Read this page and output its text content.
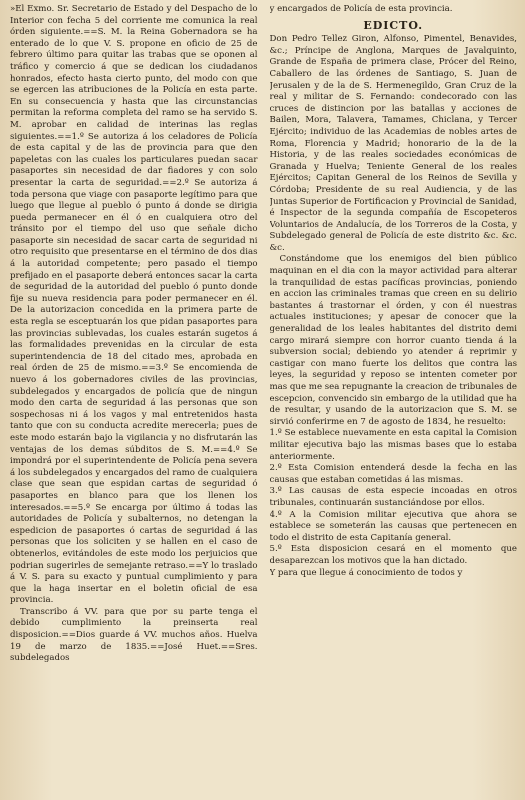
»El Exmo. Sr. Secretario de Estado y del Despacho de lo Interior con fecha 5 del corriente me comunica la real órden siguiente.==S. M. la Reina Gobernadora se ha enterado de lo que V. S. propone en oficio de 25 de febrero último para quitar las trabas que se oponen al tráfico y comercio á que se dedican los ciudadanos honrados, efecto hasta cierto punto, del modo con que se egercen las atribuciones de la Policía en esta parte. En su consecuencia y hasta que las circunstancias permitan la reforma completa del ramo se ha servido S. M. aprobar en calidad de interinas las reglas siguientes.==1.º Se autoriza á los celadores de Policía de esta capital y de las de provincia para que den papeletas con las cuales los particulares puedan sacar pasaportes sin necesidad de dar fiadores y con solo presentar la carta de seguridad.==2.º Se autoriza á toda persona que viage con pasaporte legítimo para que luego que llegue al pueblo ó punto á donde se dirigia pueda permanecer en él ó en cualquiera otro del tránsito por el tiempo del uso que señale dicho pasaporte sin necesidad de sacar carta de seguridad ni otro requisito que presentarse en el término de dos dias á la autoridad competente; pero pasado el tiempo prefijado en el pasaporte deberá entonces sacar la carta de seguridad de la autoridad del pueblo ó punto donde fije su nueva residencia para poder permanecer en él. De la autorizacion concedida en la primera parte de esta regla se esceptuarán los que pidan pasaportes para las provincias sublevadas, los cuales estarán sugetos á las formalidades prevenidas en la circular de esta superintendencia de 18 del citado mes, aprobada en real órden de 25 de mismo.==3.º Se encomienda de nuevo á los gobernadores civiles de las provincias, subdelegados y encargados de policía que de ningun modo den carta de seguridad á las personas que son sospechosas ni á los vagos y mal entretenidos hasta tanto que con su conducta acredite merecerla; pues de este modo estarán bajo la vigilancia y no disfrutarán las ventajas de los demas súbditos de S. M.==4.º Se impondrá por el superintendente de Policía pena severa á los subdelegados y encargados del ramo de cualquiera clase que sean que espidan cartas de seguridad ó pasaportes en blanco para que los llenen los interesados.==5.º Se encarga por último á todas las autoridades de Policía y subalternos, no detengan la espedicion de pasaportes ó cartas de seguridad á las personas que los soliciten y se hallen en el caso de obtenerlos, evitándoles de este modo los perjuicios que podrian sugerirles de semejante retraso.==Y lo traslado á V. S. para su exacto y puntual cumplimiento y para que la haga insertar en el boletin oficial de esa provincia.

Transcribo á VV. para que por su parte tenga el debido cumplimiento la preinserta real disposicion.==Dios guarde á VV. muchos años. Huelva 19 de marzo de 1835.==José Huet.==Sres. subdelegados

y encargados de Policía de esta provincia.

EDICTO.

Don Pedro Tellez Giron, Alfonso, Pimentel, Benavides, &c.; Príncipe de Anglona, Marques de Javalquinto, Grande de España de primera clase, Prócer del Reino, Caballero de las órdenes de Santiago, S. Juan de Jerusalen y de la de S. Hermenegildo, Gran Cruz de la real y militar de S. Fernando: condecorado con las cruces de distincion por las batallas y acciones de Bailen, Mora, Talavera, Tamames, Chiclana, y Tercer Ejército; individuo de las Academias de nobles artes de Roma, Florencia y Madrid; honorario de la de la Historia, y de las reales sociedades económicas de Granada y Huelva; Teniente General de los reales Ejércitos; Capitan General de los Reinos de Sevilla y Córdoba; Presidente de su real Audiencia, y de las Juntas Superior de Fortificacion y Provincial de Sanidad, é Inspector de la segunda compañía de Escopeteros Voluntarios de Andalucía, de los Torreros de la Costa, y Subdelegado general de Policía de este distrito &c. &c. &c.

Constándome que los enemigos del bien público maquinan en el dia con la mayor actividad para alterar la tranquilidad de estas pacíficas provincias, poniendo en accion las criminales tramas que creen en su delirio bastantes á trastornar el órden, y con él nuestras actuales instituciones; y apesar de conocer que la generalidad de los leales habitantes del distrito demi cargo mirará siempre con horror cuanto tienda á la subversion social; debiendo yo atender á reprimir y castigar con mano fuerte los delitos que contra las leyes, la seguridad y reposo se intenten cometer por mas que me sea repugnante la creacion de tribunales de escepcion, convencido sin embargo de la utilidad que ha de resultar, y usando de la autorizacion que S. M. se sirvió conferirme en 7 de agosto de 1834, he resuelto:

1.º Se establece nuevamente en esta capital la Comision militar ejecutiva bajo las mismas bases que lo estaba anteriormente.

2.º Esta Comision entenderá desde la fecha en las causas que estaban cometidas á las mismas.

3.º Las causas de esta especie incoadas en otros tribunales, continuarán sustanciándose por ellos.

4.º A la Comision militar ejecutiva que ahora se establece se someterán las causas que pertenecen en todo el distrito de esta Capitanía general.

5.º Esta disposicion cesará en el momento que desaparezcan los motivos que la han dictado.

Y para que llegue á conocimiento de todos y
